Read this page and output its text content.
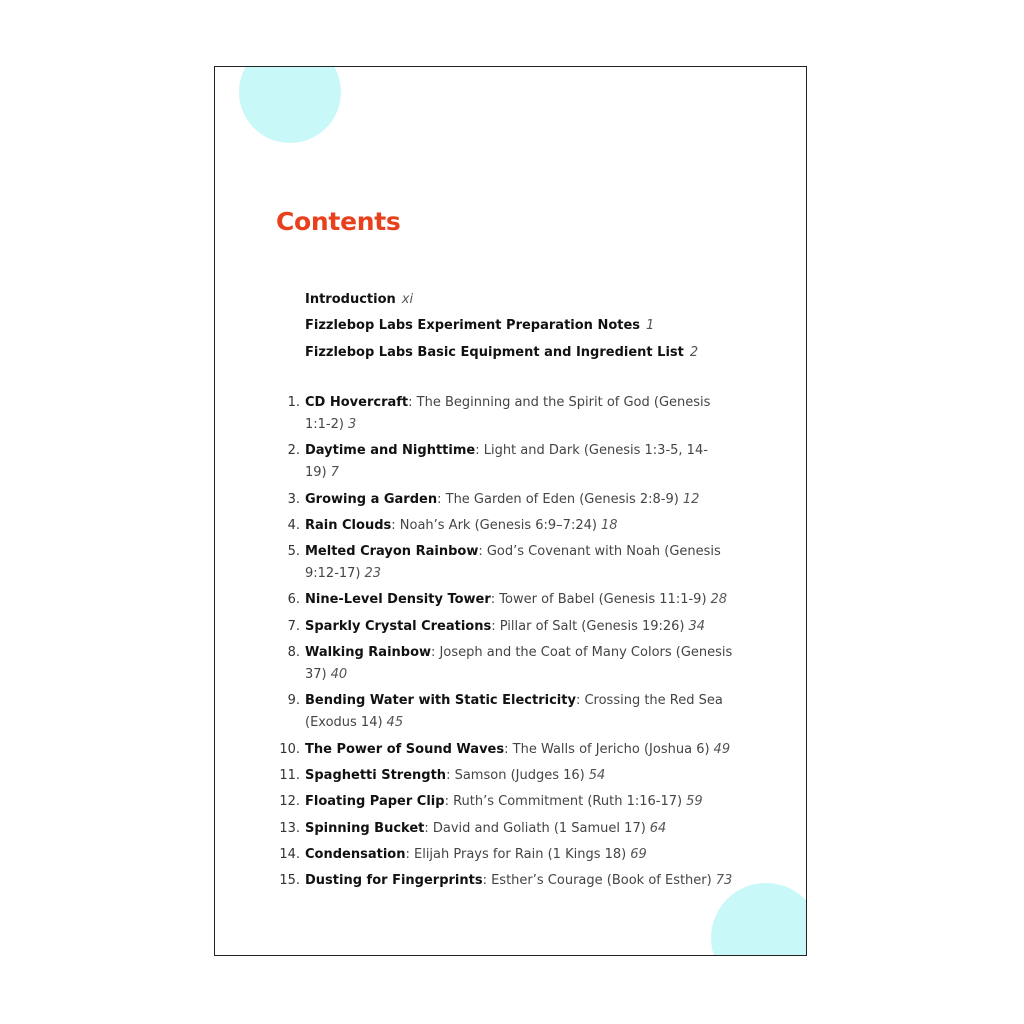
Contents
Introduction xi
Fizzlebop Labs Experiment Preparation Notes 1
Fizzlebop Labs Basic Equipment and Ingredient List 2
1. CD Hovercraft: The Beginning and the Spirit of God (Genesis 1:1-2) 3
2. Daytime and Nighttime: Light and Dark (Genesis 1:3-5, 14-19) 7
3. Growing a Garden: The Garden of Eden (Genesis 2:8-9) 12
4. Rain Clouds: Noah’s Ark (Genesis 6:9–7:24) 18
5. Melted Crayon Rainbow: God’s Covenant with Noah (Genesis 9:12-17) 23
6. Nine-Level Density Tower: Tower of Babel (Genesis 11:1-9) 28
7. Sparkly Crystal Creations: Pillar of Salt (Genesis 19:26) 34
8. Walking Rainbow: Joseph and the Coat of Many Colors (Genesis 37) 40
9. Bending Water with Static Electricity: Crossing the Red Sea (Exodus 14) 45
10. The Power of Sound Waves: The Walls of Jericho (Joshua 6) 49
11. Spaghetti Strength: Samson (Judges 16) 54
12. Floating Paper Clip: Ruth’s Commitment (Ruth 1:16-17) 59
13. Spinning Bucket: David and Goliath (1 Samuel 17) 64
14. Condensation: Elijah Prays for Rain (1 Kings 18) 69
15. Dusting for Fingerprints: Esther’s Courage (Book of Esther) 73
